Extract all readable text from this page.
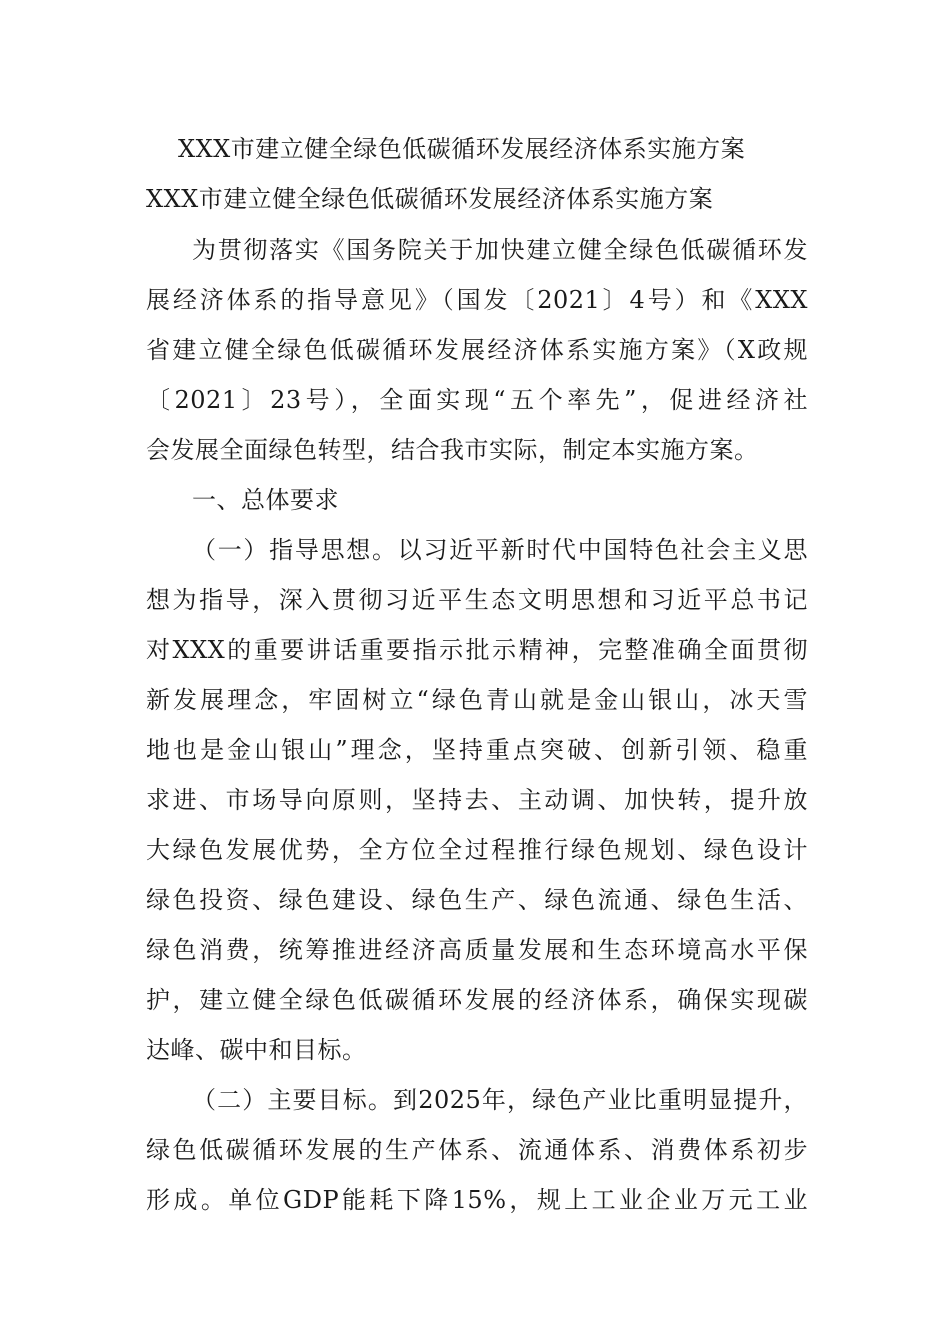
XXX市建立健全绿色低碳循环发展经济体系实施方案
XXX市建立健全绿色低碳循环发展经济体系实施方案
为贯彻落实《国务院关于加快建立健全绿色低碳循环发
展经济体系的指导意见》（国发〔2021〕4号）和《XXX
省建立健全绿色低碳循环发展经济体系实施方案》（X政规
〔2021〕23号），全面实现“五个率先”，促进经济社
会发展全面绿色转型，结合我市实际，制定本实施方案。
一、总体要求
（一）指导思想。以习近平新时代中国特色社会主义思
想为指导，深入贯彻习近平生态文明思想和习近平总书记
对XXX的重要讲话重要指示批示精神，完整准确全面贯彻
新发展理念，牢固树立“绿色青山就是金山银山，冰天雪
地也是金山银山”理念，坚持重点突破、创新引领、稳重
求进、市场导向原则，坚持去、主动调、加快转，提升放
大绿色发展优势，全方位全过程推行绿色规划、绿色设计
绿色投资、绿色建设、绿色生产、绿色流通、绿色生活、
绿色消费，统筹推进经济高质量发展和生态环境高水平保
护，建立健全绿色低碳循环发展的经济体系，确保实现碳
达峰、碳中和目标。
（二）主要目标。到2025年，绿色产业比重明显提升，
绿色低碳循环发展的生产体系、流通体系、消费体系初步
形成。单位GDP能耗下降15%，规上工业企业万元工业
